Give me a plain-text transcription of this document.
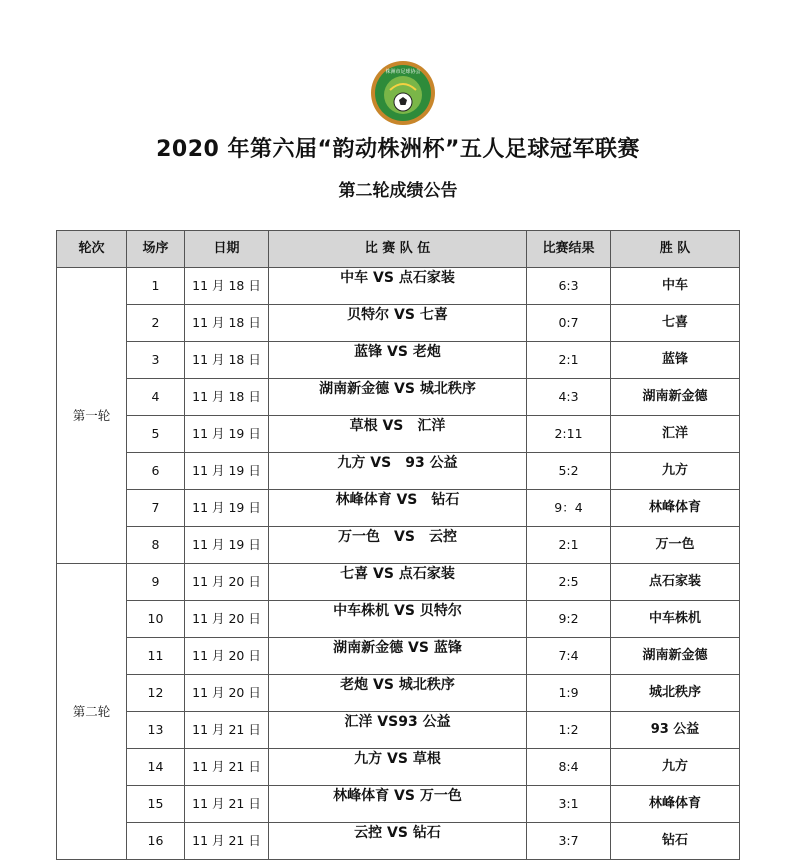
株洲市足球协会
2020 年第六届“韵动株洲杯”五人足球冠军联赛
第二轮成绩公告
轮次	场序	日期	比 赛 队 伍	比赛结果	胜 队
第一轮	1	11 月 18 日	中车 VS 点石家装	6:3	中车
	2	11 月 18 日	贝特尔 VS 七喜	0:7	七喜
	3	11 月 18 日	蓝锋 VS 老炮	2:1	蓝锋
	4	11 月 18 日	湖南新金德 VS 城北秩序	4:3	湖南新金德
	5	11 月 19 日	草根 VS　汇洋	2:11	汇洋
	6	11 月 19 日	九方 VS　93 公益	5:2	九方
	7	11 月 19 日	林峰体育 VS　钻石	9：4	林峰体育
	8	11 月 19 日	万一色　VS　云控	2:1	万一色
第二轮	9	11 月 20 日	七喜 VS 点石家装	2:5	点石家装
	10	11 月 20 日	中车株机 VS 贝特尔	9:2	中车株机
	11	11 月 20 日	湖南新金德 VS 蓝锋	7:4	湖南新金德
	12	11 月 20 日	老炮 VS 城北秩序	1:9	城北秩序
	13	11 月 21 日	汇洋 VS93 公益	1:2	93 公益
	14	11 月 21 日	九方 VS 草根	8:4	九方
	15	11 月 21 日	林峰体育 VS 万一色	3:1	林峰体育
	16	11 月 21 日	云控 VS 钻石	3:7	钻石
